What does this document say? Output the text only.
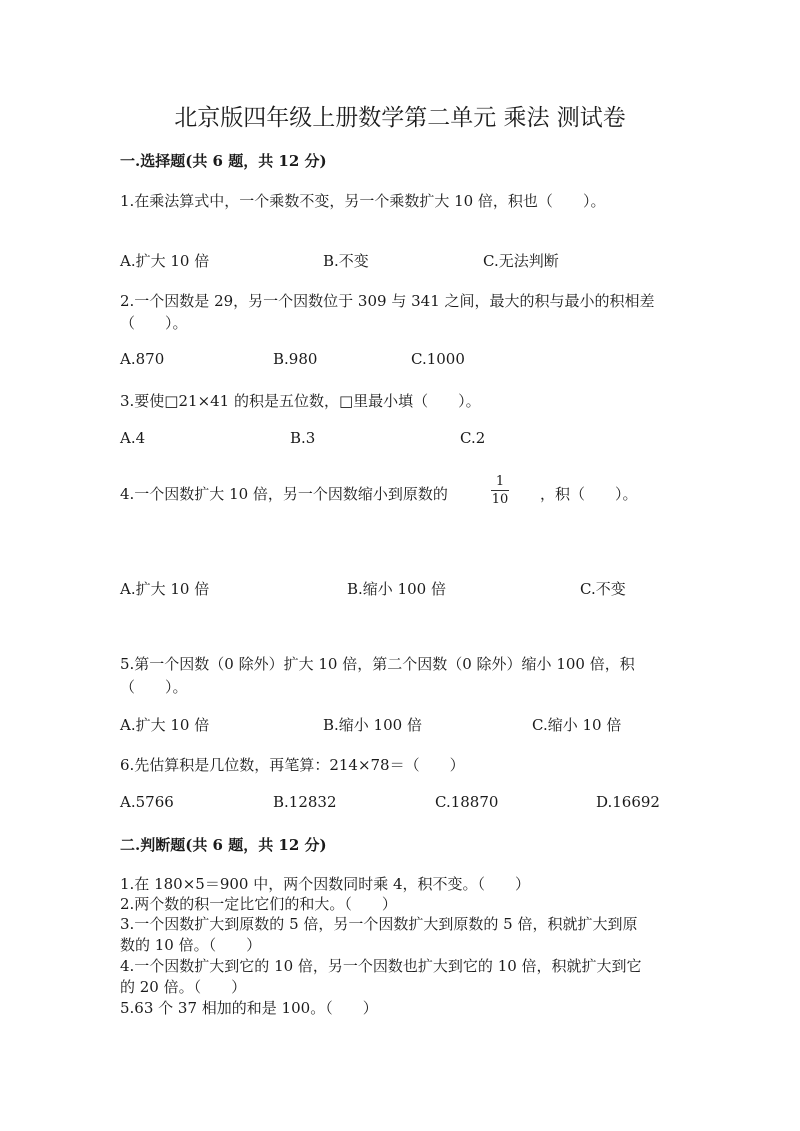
北京版四年级上册数学第二单元 乘法 测试卷
一.选择题(共 6 题，共 12 分)
1.在乘法算式中，一个乘数不变，另一个乘数扩大 10 倍，积也（　　）。
A.扩大 10 倍	B.不变	C.无法判断
2.一个因数是 29，另一个因数位于 309 与 341 之间，最大的积与最小的积相差
（　　）。
A.870	B.980	C.1000
3.要使□21×41 的积是五位数，□里最小填（　　）。
A.4	B.3	C.2
4.一个因数扩大 10 倍，另一个因数缩小到原数的
1
10 ，积（　　）。
A.扩大 10 倍	B.缩小 100 倍	C.不变
5.第一个因数（0 除外）扩大 10 倍，第二个因数（0 除外）缩小 100 倍，积
（　　）。
A.扩大 10 倍	B.缩小 100 倍	C.缩小 10 倍
6.先估算积是几位数，再笔算：214×78＝（　　）
A.5766	B.12832	C.18870	D.16692
二.判断题(共 6 题，共 12 分)
1.在 180×5＝900 中，两个因数同时乘 4，积不变。（　　）
2.两个数的积一定比它们的和大。（　　）
3.一个因数扩大到原数的 5 倍，另一个因数扩大到原数的 5 倍，积就扩大到原
数的 10 倍。（　　）
4.一个因数扩大到它的 10 倍，另一个因数也扩大到它的 10 倍，积就扩大到它
的 20 倍。（　　）
5.63 个 37 相加的和是 100。（　　）
